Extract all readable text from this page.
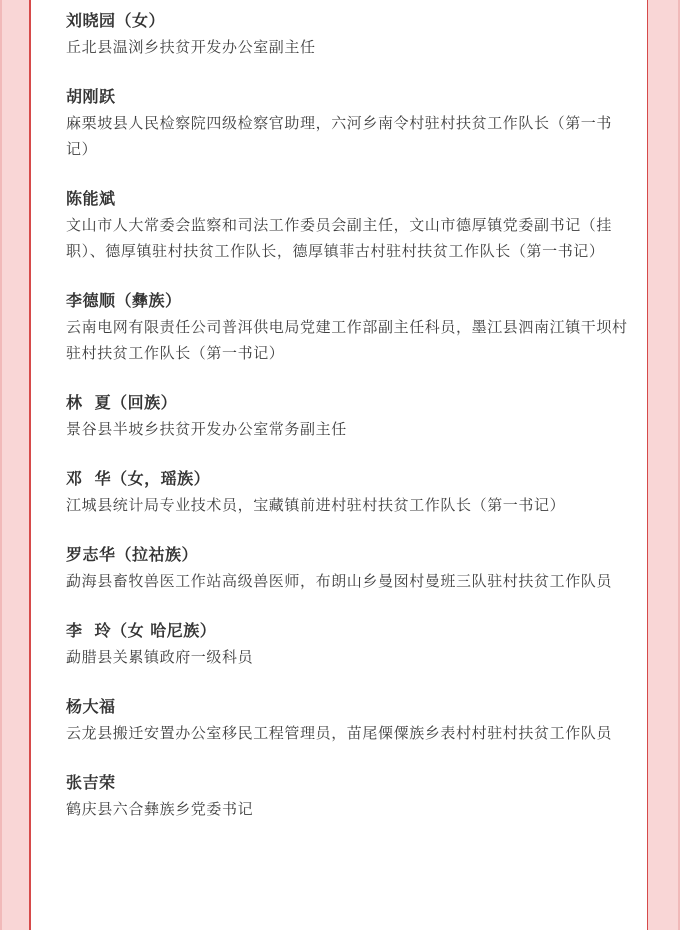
刘晓园（女）
丘北县温浏乡扶贫开发办公室副主任
胡刚跃
麻栗坡县人民检察院四级检察官助理，六河乡南令村驻村扶贫工作队长（第一书记）
陈能斌
文山市人大常委会监察和司法工作委员会副主任，文山市德厚镇党委副书记（挂职）、德厚镇驻村扶贫工作队长，德厚镇菲古村驻村扶贫工作队长（第一书记）
李德顺（彝族）
云南电网有限责任公司普洱供电局党建工作部副主任科员，墨江县泗南江镇干坝村驻村扶贫工作队长（第一书记）
林  夏（回族）
景谷县半坡乡扶贫开发办公室常务副主任
邓  华（女，瑶族）
江城县统计局专业技术员，宝藏镇前进村驻村扶贫工作队长（第一书记）
罗志华（拉祜族）
勐海县畜牧兽医工作站高级兽医师，布朗山乡曼囡村曼班三队驻村扶贫工作队员
李  玲（女 哈尼族）
勐腊县关累镇政府一级科员
杨大福
云龙县搬迁安置办公室移民工程管理员，苗尾傈僳族乡表村村驻村扶贫工作队员
张吉荣
鹤庆县六合彝族乡党委书记
